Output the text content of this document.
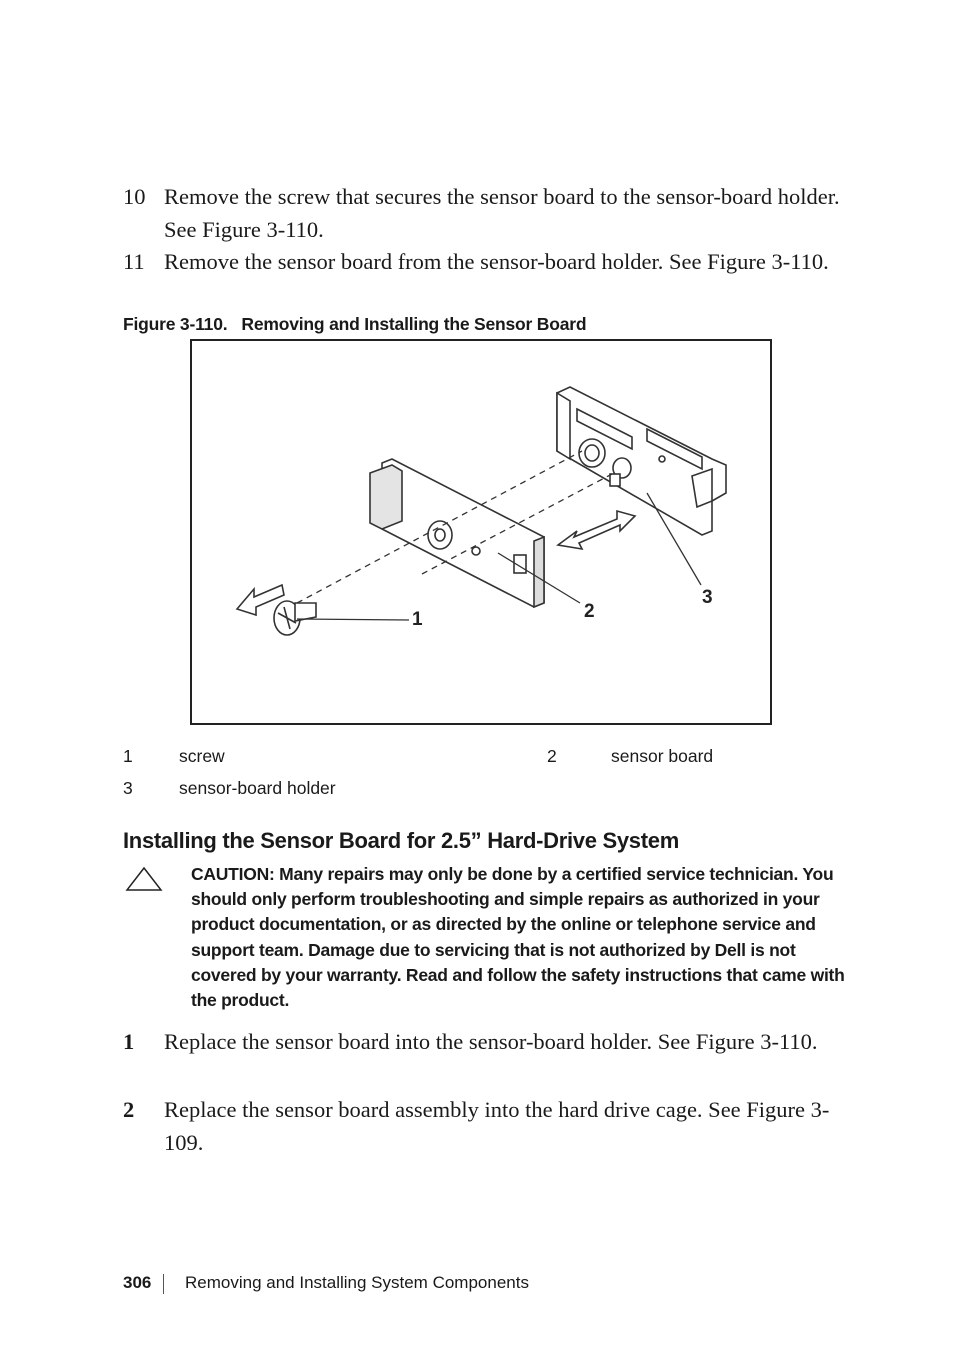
10 Remove the screw that secures the sensor board to the sensor-board holder. See Figure 3-110.
11 Remove the sensor board from the sensor-board holder. See Figure 3-110.
Figure 3-110. Removing and Installing the Sensor Board
1	2
3
1	screw	2	sensor board
3	sensor-board holder
Installing the Sensor Board for 2.5” Hard-Drive System
CAUTION: Many repairs may only be done by a certified service technician. You should only perform troubleshooting and simple repairs as authorized in your product documentation, or as directed by the online or telephone service and support team. Damage due to servicing that is not authorized by Dell is not covered by your warranty. Read and follow the safety instructions that came with the product.
1	Replace the sensor board into the sensor-board holder. See Figure 3-110.
2	Replace the sensor board assembly into the hard drive cage. See Figure 3-109.
306 Removing and Installing System Components
